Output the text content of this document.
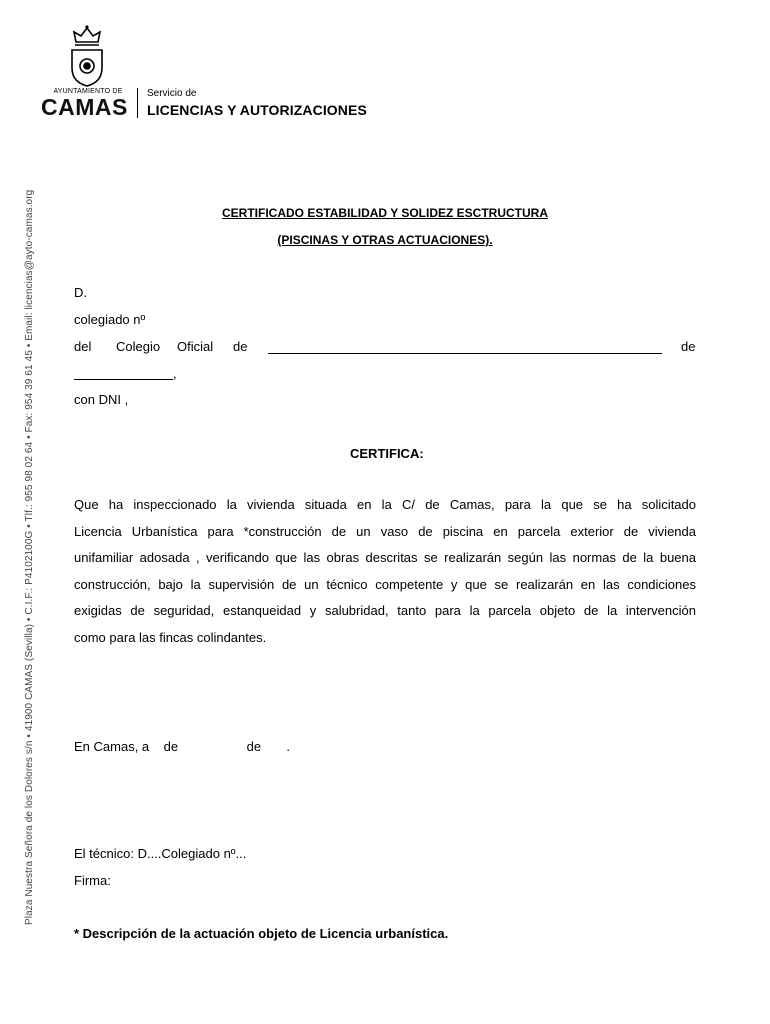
Plaza Nuestra Señora de los Dolores s/n • 41900 CAMAS (Sevilla) • C.I.F.: P4102100G • Tlf.: 955 98 02 64 • Fax: 954 39 61 45 • Email: licencias@ayto-camas.org
AYUNTAMIENTO DE
CAMAS
Servicio de
LICENCIAS Y AUTORIZACIONES
CERTIFICADO ESTABILIDAD Y SOLIDEZ ESCTRUCTURA
(PISCINAS Y OTRAS ACTUACIONES).
D.
colegiado nº
del Colegio Oficial de	de
,
con DNI ,
CERTIFICA:
Que ha inspeccionado la vivienda situada en la C/ de Camas, para la que se ha solicitado
Licencia Urbanística para *construcción de un vaso de piscina en parcela exterior de vivienda
unifamiliar adosada , verificando que las obras descritas se realizarán según las normas de la buena
construcción, bajo la supervisión de un técnico competente y que se realizarán en las condiciones
exigidas de seguridad, estanqueidad y salubridad, tanto para la parcela objeto de la intervención
como para las fincas colindantes.
En Camas, a    de                   de       .
El técnico: D....Colegiado nº...
Firma:
* Descripción de la actuación objeto de Licencia urbanística.
